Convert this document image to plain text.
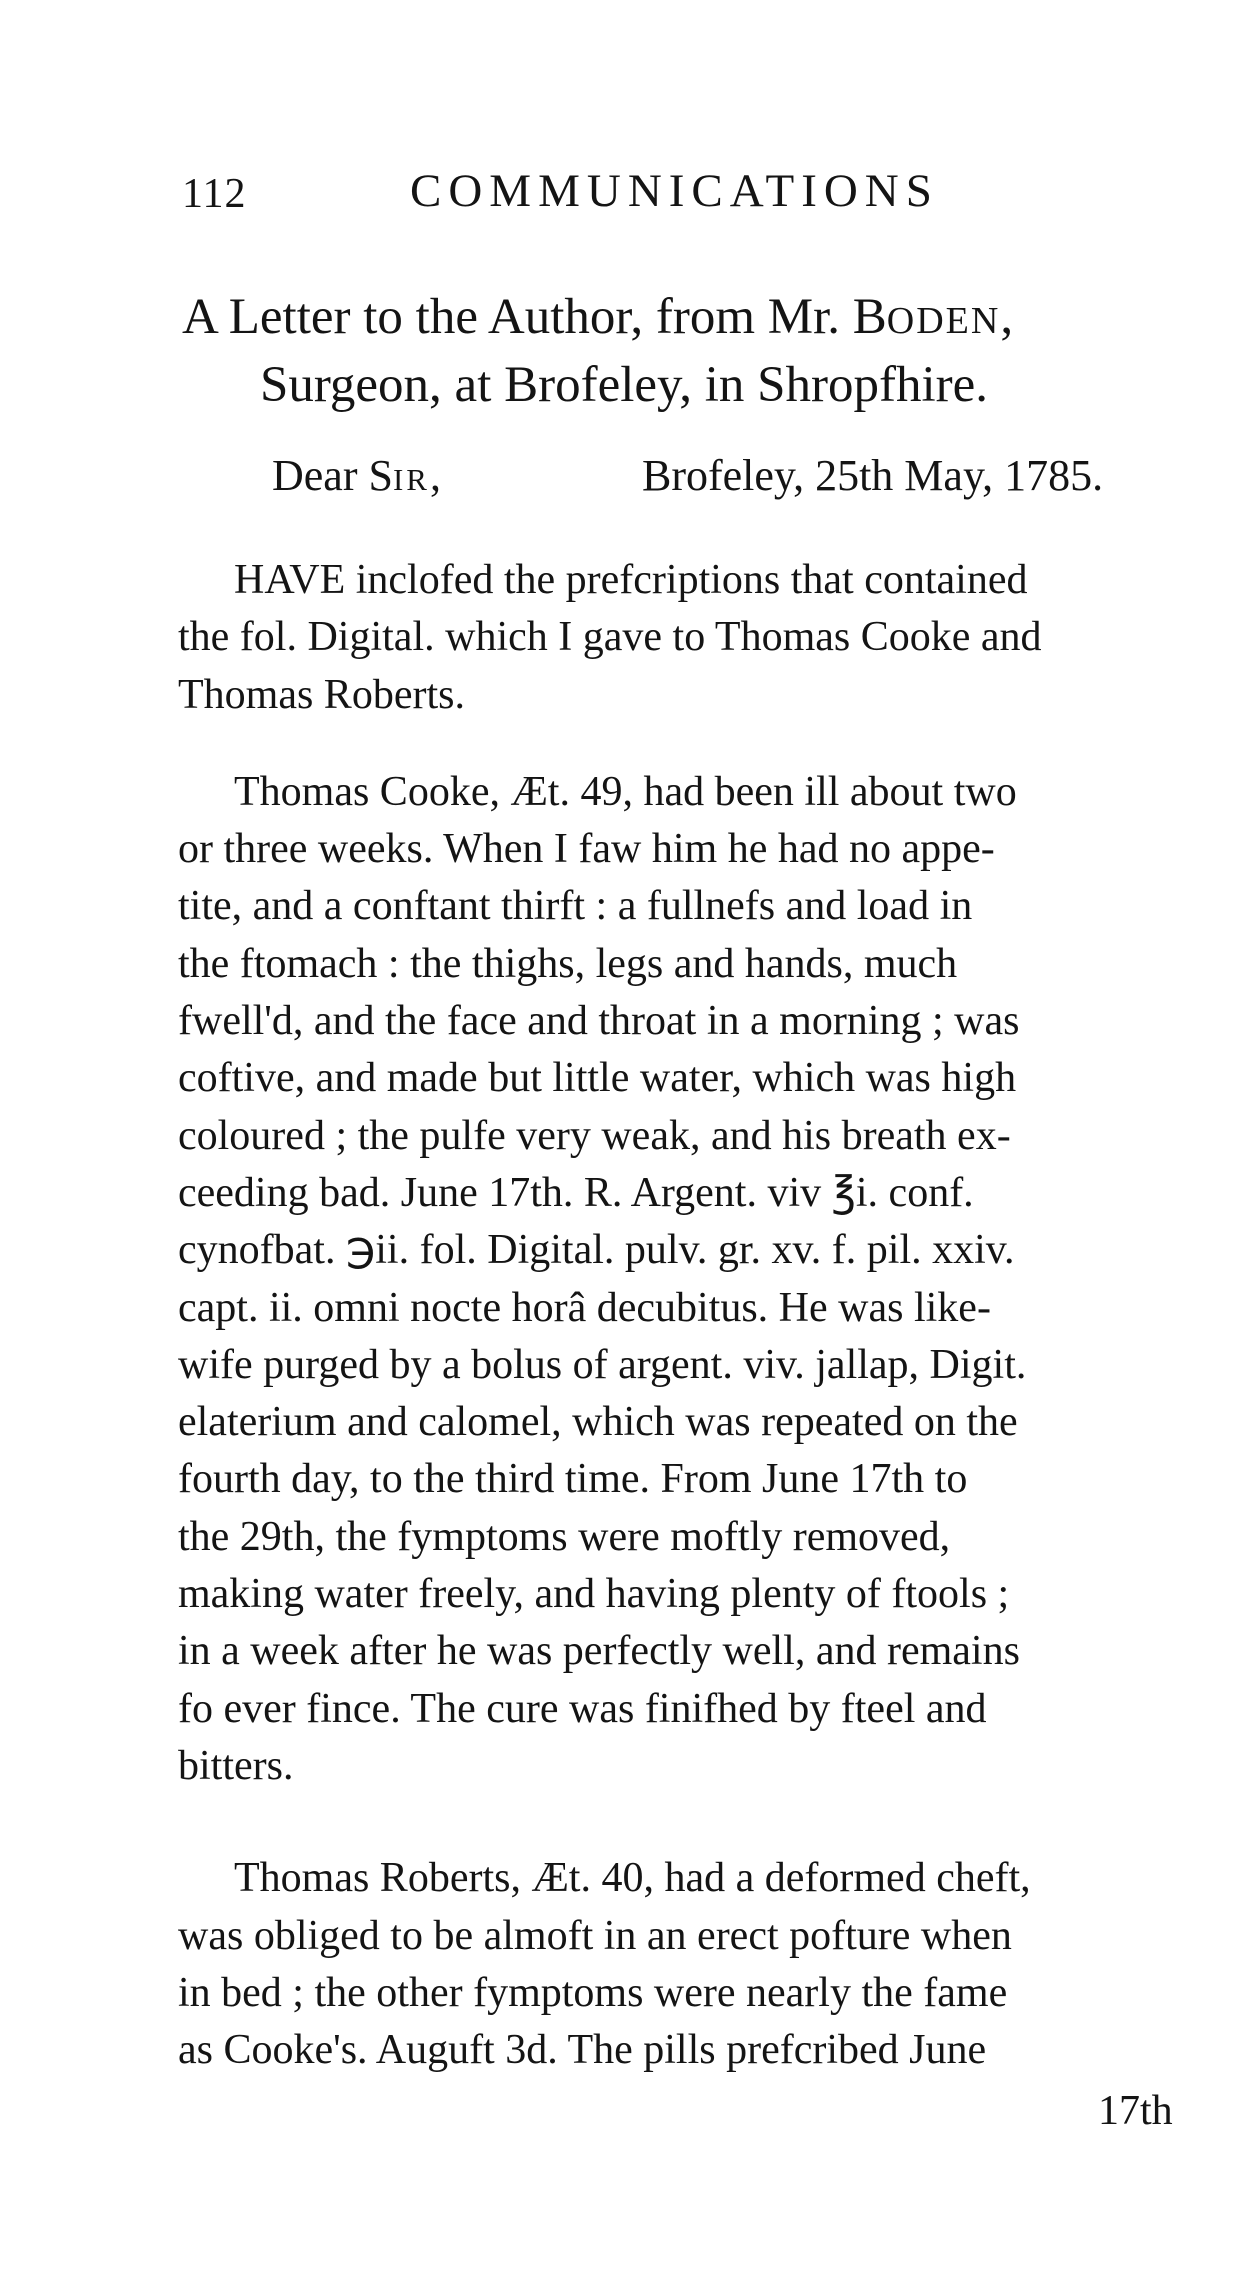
112	COMMUNICATIONS
A Letter to the Author, from Mr. BODEN,
Surgeon, at Brofeley, in Shropfhire.
Dear SIR,	Brofeley, 25th May, 1785.
HAVE inclofed the prefcriptions that contained
the fol. Digital. which I gave to Thomas Cooke and
Thomas Roberts.
Thomas Cooke, Æt. 49, had been ill about two
or three weeks. When I faw him he had no appe-
tite, and a conftant thirft : a fullnefs and load in
the ftomach : the thighs, legs and hands, much
fwell'd, and the face and throat in a morning ; was
coftive, and made but little water, which was high
coloured ; the pulfe very weak, and his breath ex-
ceeding bad. June 17th. R. Argent. viv ℥i. conf.
cynofbat. ℈ii. fol. Digital. pulv. gr. xv. f. pil. xxiv.
capt. ii. omni nocte horâ decubitus. He was like-
wife purged by a bolus of argent. viv. jallap, Digit.
elaterium and calomel, which was repeated on the
fourth day, to the third time. From June 17th to
the 29th, the fymptoms were moftly removed,
making water freely, and having plenty of ftools ;
in a week after he was perfectly well, and remains
fo ever fince. The cure was finifhed by fteel and
bitters.
Thomas Roberts, Æt. 40, had a deformed cheft,
was obliged to be almoft in an erect pofture when
in bed ; the other fymptoms were nearly the fame
as Cooke's. Auguft 3d. The pills prefcribed June
17th
